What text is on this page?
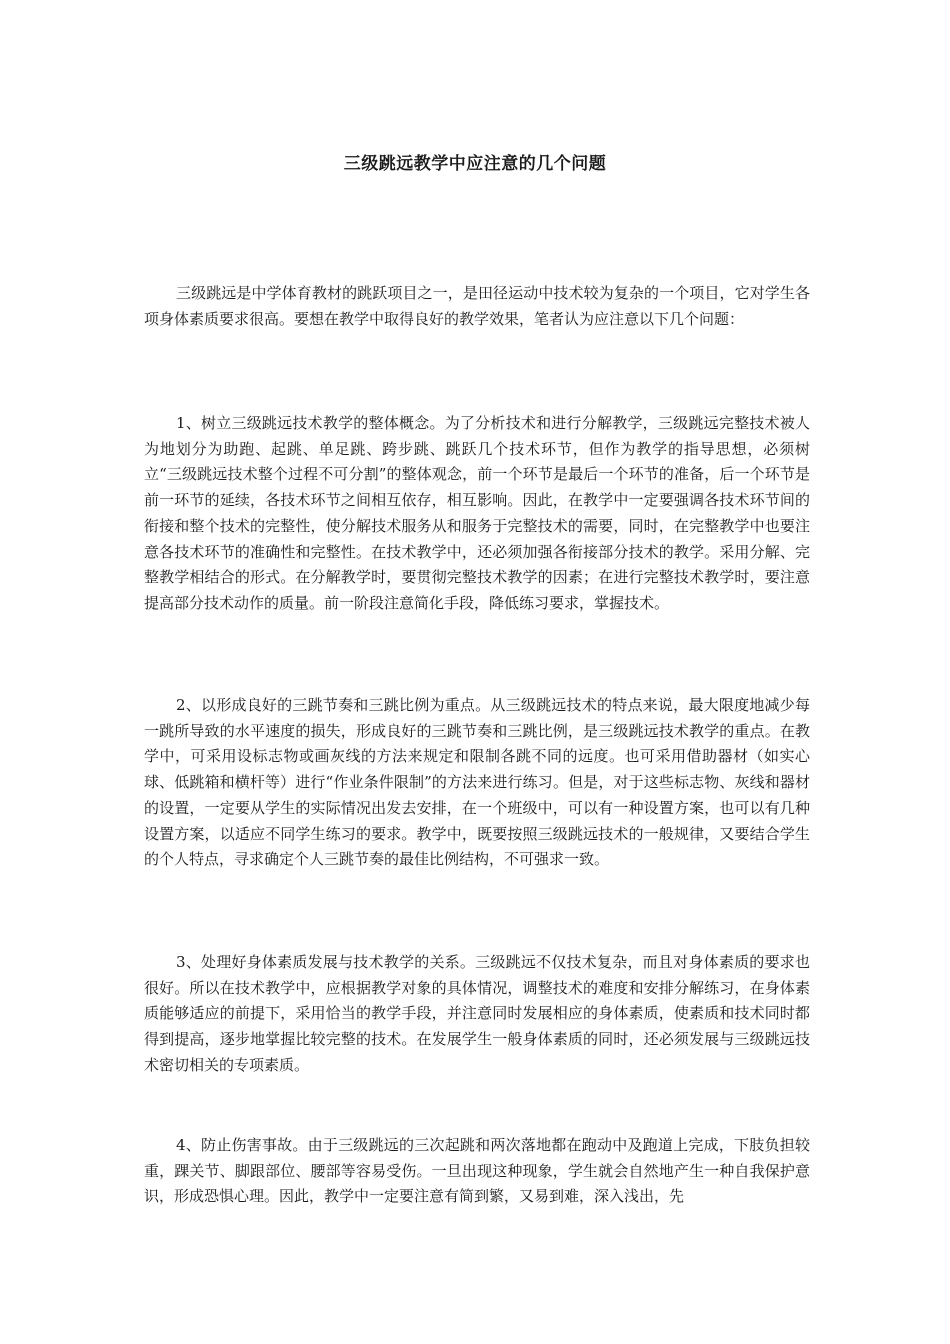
三级跳远教学中应注意的几个问题

三级跳远是中学体育教材的跳跃项目之一，是田径运动中技术较为复杂的一个项目，它对学生各项身体素质要求很高。要想在教学中取得良好的教学效果，笔者认为应注意以下几个问题：

1、树立三级跳远技术教学的整体概念。为了分析技术和进行分解教学，三级跳远完整技术被人为地划分为助跑、起跳、单足跳、跨步跳、跳跃几个技术环节，但作为教学的指导思想，必须树立“三级跳远技术整个过程不可分割”的整体观念，前一个环节是最后一个环节的准备，后一个环节是前一环节的延续，各技术环节之间相互依存，相互影响。因此，在教学中一定要强调各技术环节间的衔接和整个技术的完整性，使分解技术服务从和服务于完整技术的需要，同时，在完整教学中也要注意各技术环节的准确性和完整性。在技术教学中，还必须加强各衔接部分技术的教学。采用分解、完整教学相结合的形式。在分解教学时，要贯彻完整技术教学的因素；在进行完整技术教学时，要注意提高部分技术动作的质量。前一阶段注意简化手段，降低练习要求，掌握技术。

2、以形成良好的三跳节奏和三跳比例为重点。从三级跳远技术的特点来说，最大限度地减少每一跳所导致的水平速度的损失，形成良好的三跳节奏和三跳比例，是三级跳远技术教学的重点。在教学中，可采用设标志物或画灰线的方法来规定和限制各跳不同的远度。也可采用借助器材（如实心球、低跳箱和横杆等）进行“作业条件限制”的方法来进行练习。但是，对于这些标志物、灰线和器材的设置，一定要从学生的实际情况出发去安排，在一个班级中，可以有一种设置方案，也可以有几种设置方案，以适应不同学生练习的要求。教学中，既要按照三级跳远技术的一般规律，又要结合学生的个人特点，寻求确定个人三跳节奏的最佳比例结构，不可强求一致。

3、处理好身体素质发展与技术教学的关系。三级跳远不仅技术复杂，而且对身体素质的要求也很好。所以在技术教学中，应根据教学对象的具体情况，调整技术的难度和安排分解练习，在身体素质能够适应的前提下，采用恰当的教学手段，并注意同时发展相应的身体素质，使素质和技术同时都得到提高，逐步地掌握比较完整的技术。在发展学生一般身体素质的同时，还必须发展与三级跳远技术密切相关的专项素质。

4、防止伤害事故。由于三级跳远的三次起跳和两次落地都在跑动中及跑道上完成，下肢负担较重，踝关节、脚跟部位、腰部等容易受伤。一旦出现这种现象，学生就会自然地产生一种自我保护意识，形成恐惧心理。因此，教学中一定要注意有简到繁，又易到难，深入浅出，先
